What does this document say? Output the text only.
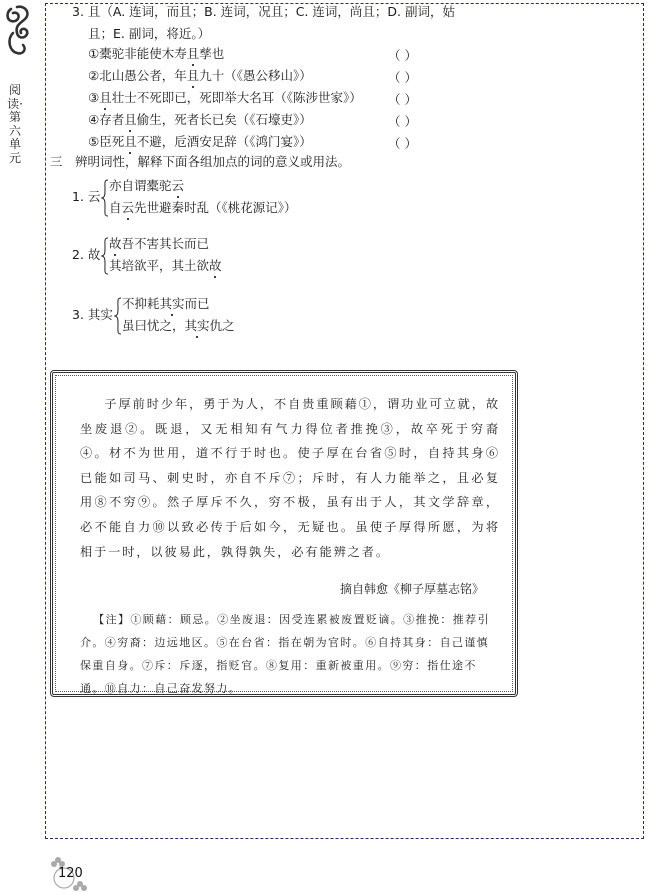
阅读·第六单元
3. 且（A. 连词，而且；B. 连词，况且；C. 连词，尚且；D. 副词，姑
且；E. 副词，将近。）
①橐驼非能使木寿且孳也	（ ）
②北山愚公者，年且九十（《愚公移山》）	（ ）
③且壮士不死即已，死即举大名耳（《陈涉世家》） （ ）
④存者且偷生，死者长已矣（《石壕吏》）	（ ）
⑤臣死且不避，卮酒安足辞（《鸿门宴》）	（ ）
三 辨明词性，解释下面各组加点的词的意义或用法。
1. 云
亦自谓橐驼云
自云先世避秦时乱（《桃花源记》）
2. 故
故吾不害其长而已
其培欲平，其土欲故
3. 其实
不抑耗其实而已
虽曰忧之，其实仇之

子厚前时少年，勇于为人，不自贵重顾藉①，谓功业可立就，故坐废退②。既退，又无相知有气力得位者推挽③，故卒死于穷裔④。材不为世用，道不行于时也。使子厚在台省⑤时，自持其身⑥已能如司马、刺史时，亦自不斥⑦；斥时，有人力能举之，且必复用⑧不穷⑨。然子厚斥不久，穷不极，虽有出于人，其文学辞章，必不能自力⑩以致必传于后如今，无疑也。虽使子厚得所愿，为将相于一时，以彼易此，孰得孰失，必有能辨之者。

摘自韩愈《柳子厚墓志铭》

【注】①顾藉：顾忌。②坐废退：因受连累被废置贬谪。③推挽：推荐引介。④穷裔：边远地区。⑤在台省：指在朝为官时。⑥自持其身：自己谨慎保重自身。⑦斥：斥逐，指贬官。⑧复用：重新被重用。⑨穷：指仕途不通。⑩自力：自己奋发努力。

120
